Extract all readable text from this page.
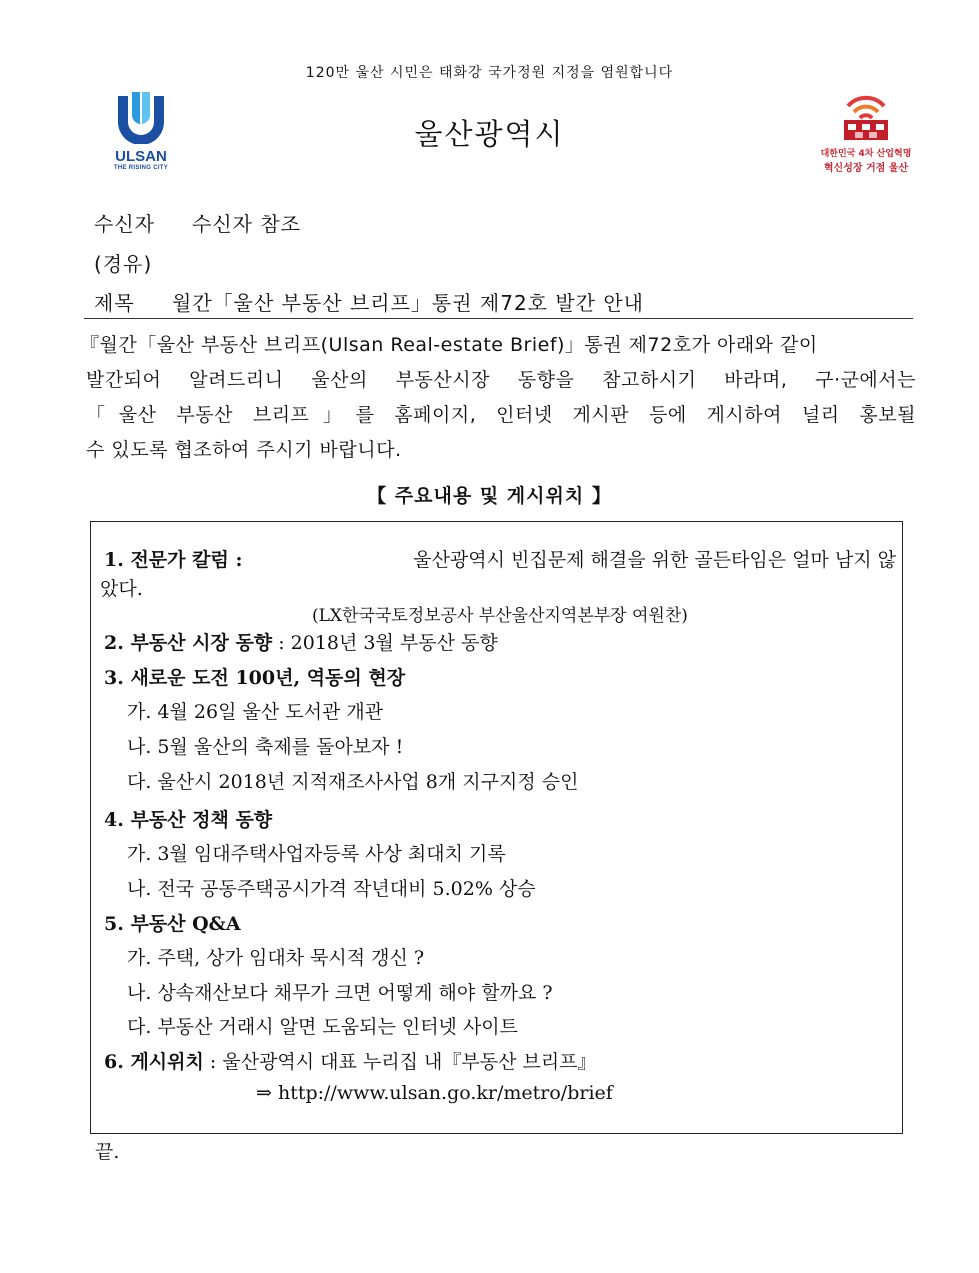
120만 울산 시민은 태화강 국가정원 지정을 염원합니다
ULSAN
THE RISING CITY
울산광역시
대한민국 4차 산업혁명
혁신성장 거점 울산
수신자 수신자 참조
(경유)
제목 월간「울산 부동산 브리프」통권 제72호 발간 안내

『월간「울산 부동산 브리프(Ulsan Real-estate Brief)」통권 제72호가 아래와 같이

발간되어 알려드리니 울산의 부동산시장 동향을 참고하시기 바라며, 구·군에서는

「울산 부동산 브리프」를 홈페이지, 인터넷 게시판 등에 게시하여 널리 홍보될

수 있도록 협조하여 주시기 바랍니다.

【 주요내용 및 게시위치 】
1. 전문가 칼럼 :	울산광역시 빈집문제 해결을 위한 골든타임은 얼마 남지 않
았다.
(LX한국국토정보공사 부산울산지역본부장 여원찬)
2. 부동산 시장 동향 : 2018년 3월 부동산 동향
3. 새로운 도전 100년, 역동의 현장
가. 4월 26일 울산 도서관 개관
나. 5월 울산의 축제를 돌아보자 !
다. 울산시 2018년 지적재조사사업 8개 지구지정 승인
4. 부동산 정책 동향
가. 3월 임대주택사업자등록 사상 최대치 기록
나. 전국 공동주택공시가격 작년대비 5.02% 상승
5. 부동산 Q&A
가. 주택, 상가 임대차 묵시적 갱신 ?
나. 상속재산보다 채무가 크면 어떻게 해야 할까요 ?
다. 부동산 거래시 알면 도움되는 인터넷 사이트
6. 게시위치 : 울산광역시 대표 누리집 내『부동산 브리프』
⇒ http://www.ulsan.go.kr/metro/brief
끝.
